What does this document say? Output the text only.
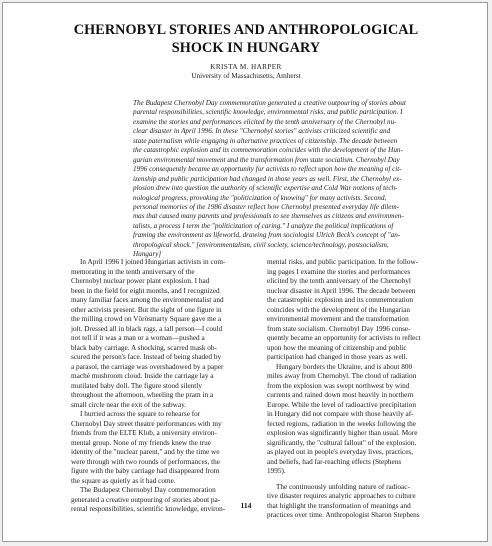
CHERNOBYL STORIES AND ANTHROPOLOGICAL
SHOCK IN HUNGARY
KRISTA M. HARPER
University of Massachusetts, Amherst
The Budapest Chernobyl Day commemoration generated a creative outpouring of stories about
parental responsibilities, scientific knowledge, environmental risks, and public participation. I
examine the stories and performances elicited by the tenth anniversary of the Chernobyl nu-
clear disaster in April 1996. In these "Chernobyl stories" activists criticized scientific and
state paternalism while engaging in alternative practices of citizenship. The decade between
the catastrophic explosion and its commemoration coincides with the development of the Hun-
garian environmental movement and the transformation from state socialism. Chernobyl Day
1996 consequently became an opportunity for activists to reflect upon how the meaning of cit-
izenship and public participation had changed in those years as well. First, the Chernobyl ex-
plosion drew into question the authority of scientific expertise and Cold War notions of tech-
nological progress, provoking the "politicization of knowing" for many activists. Second,
personal memories of the 1986 disaster reflect how Chernobyl presented everyday life dilem-
mas that caused many parents and professionals to see themselves as citizens and environmen-
talists, a process I term the "politicization of caring." I analyze the political implications of
framing the environment as lifeworld, drawing from sociologist Ulrich Beck's concept of "an-
thropological shock." [environmentalism, civil society, science/technology, postsocialism,
Hungary]
In April 1996 I joined Hungarian activists in com-
memorating in the tenth anniversary of the
Chernobyl nuclear power plant explosion. I had
been in the field for eight months, and I recognized
many familiar faces among the environmentalist and
other activists present. But the sight of one figure in
the milling crowd on Vörösmarty Square gave me a
jolt. Dressed all in black rags, a tall person—I could
not tell if it was a man or a woman—pushed a
black baby carriage. A shocking, scarred mask ob-
scured the person's face. Instead of being shaded by
a parasol, the carriage was overshadowed by a paper
maché mushroom cloud. Inside the carriage lay a
mutilated baby doll. The figure stood silently
throughout the afternoon, wheeling the pram in a
small circle near the exit of the subway.
I hurried across the square to rehearse for
Chernobyl Day street theatre performances with my
friends from the ELTE Klub, a university environ-
mental group. None of my friends knew the true
identity of the "nuclear parent," and by the time we
were through with two rounds of performances, the
figure with the baby carriage had disappeared from
the square as quietly as it had come.
The Budapest Chernobyl Day commemoration
generated a creative outpouring of stories about pa-
rental responsibilities, scientific knowledge, environ-
mental risks, and public participation. In the follow-
ing pages I examine the stories and performances
elicited by the tenth anniversary of the Chernobyl
nuclear disaster in April 1996. The decade between
the catastrophic explosion and its commemoration
coincides with the development of the Hungarian
environmental movement and the transformation
from state socialism. Chernobyl Day 1996 conse-
quently became an opportunity for activists to reflect
upon how the meaning of citizenship and public
participation had changed in those years as well.
Hungary borders the Ukraine, and is about 800
miles away from Chernobyl. The cloud of radiation
from the explosion was swept northwest by wind
currents and rained down most heavily in northern
Europe. While the level of radioactive precipitation
in Hungary did not compare with those heavily af-
fected regions, radiation in the weeks following the
explosion was significantly higher than usual. More
significantly, the "cultural fallout" of the explosion,
as played out in people's everyday lives, practices,
and beliefs, had far-reaching effects (Stephens
1995).
The continuously unfolding nature of radioac-
tive disaster requires analytic approaches to culture
that highlight the transformation of meanings and
practices over time. Anthropologist Sharon Stephens
114
